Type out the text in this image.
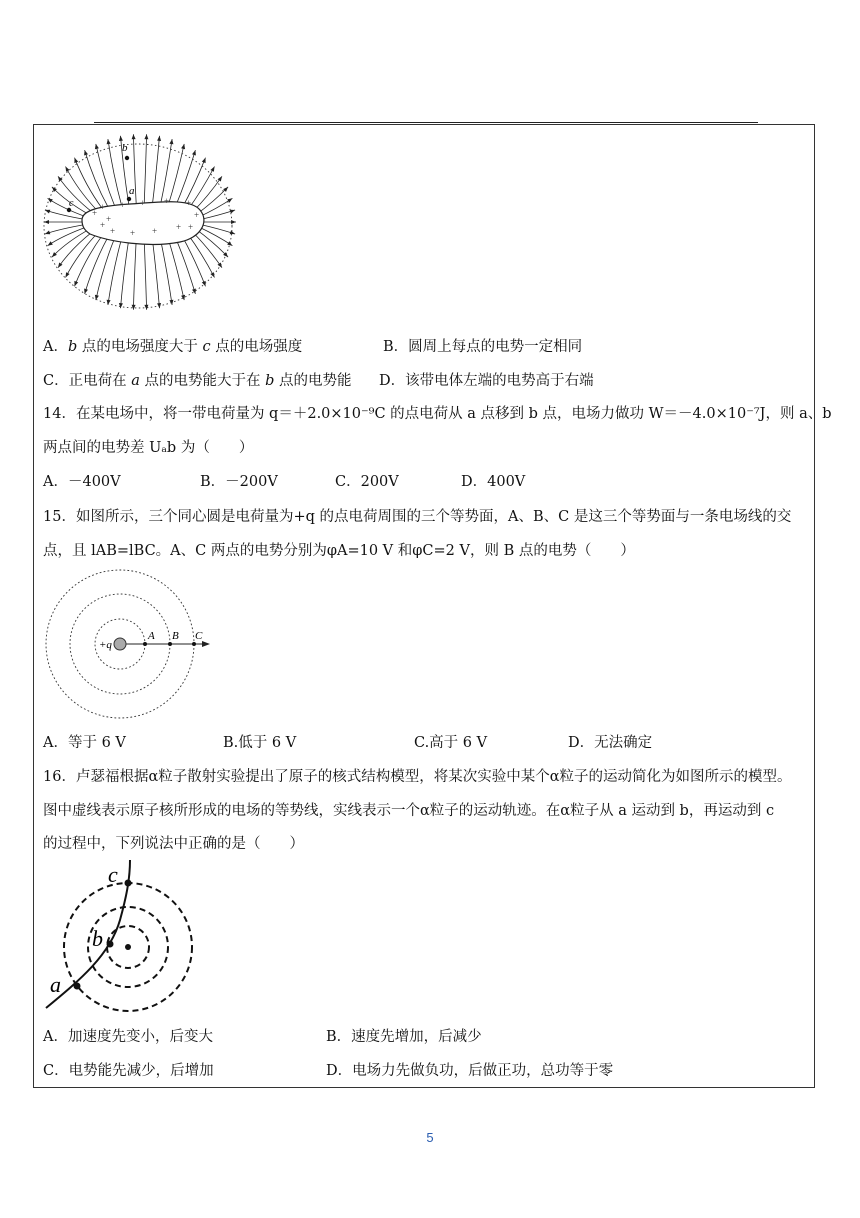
+
+
+
+
+
+
+
+
+
+
+
+
+
+
b
a
c
A．b 点的电场强度大于 c 点的电场强度	B．圆周上每点的电势一定相同
C．正电荷在 a 点的电势能大于在 b 点的电势能 D．该带电体左端的电势高于右端
14．在某电场中，将一带电荷量为 q＝＋2.0×10⁻⁹C 的点电荷从 a 点移到 b 点，电场力做功 W＝－4.0×10⁻⁷J，则 a、b
两点间的电势差 Uₐb 为（　　）
A．－400V	B．－200V	C．200V	D．400V
15．如图所示，三个同心圆是电荷量为+q 的点电荷周围的三个等势面，A、B、C 是这三个等势面与一条电场线的交
点，且 lAB=lBC。A、C 两点的电势分别为φA=10 V 和φC=2 V，则 B 点的电势（　　）
+q
A B C
A．等于 6 V	B.低于 6 V	C.高于 6 V	D．无法确定
16．卢瑟福根据α粒子散射实验提出了原子的核式结构模型，将某次实验中某个α粒子的运动简化为如图所示的模型。
图中虚线表示原子核所形成的电场的等势线，实线表示一个α粒子的运动轨迹。在α粒子从 a 运动到 b，再运动到 c
的过程中，下列说法中正确的是（　　）
a
b
c
A．加速度先变小，后变大	B．速度先增加，后减少
C．电势能先减少，后增加	D．电场力先做负功，后做正功，总功等于零
5
